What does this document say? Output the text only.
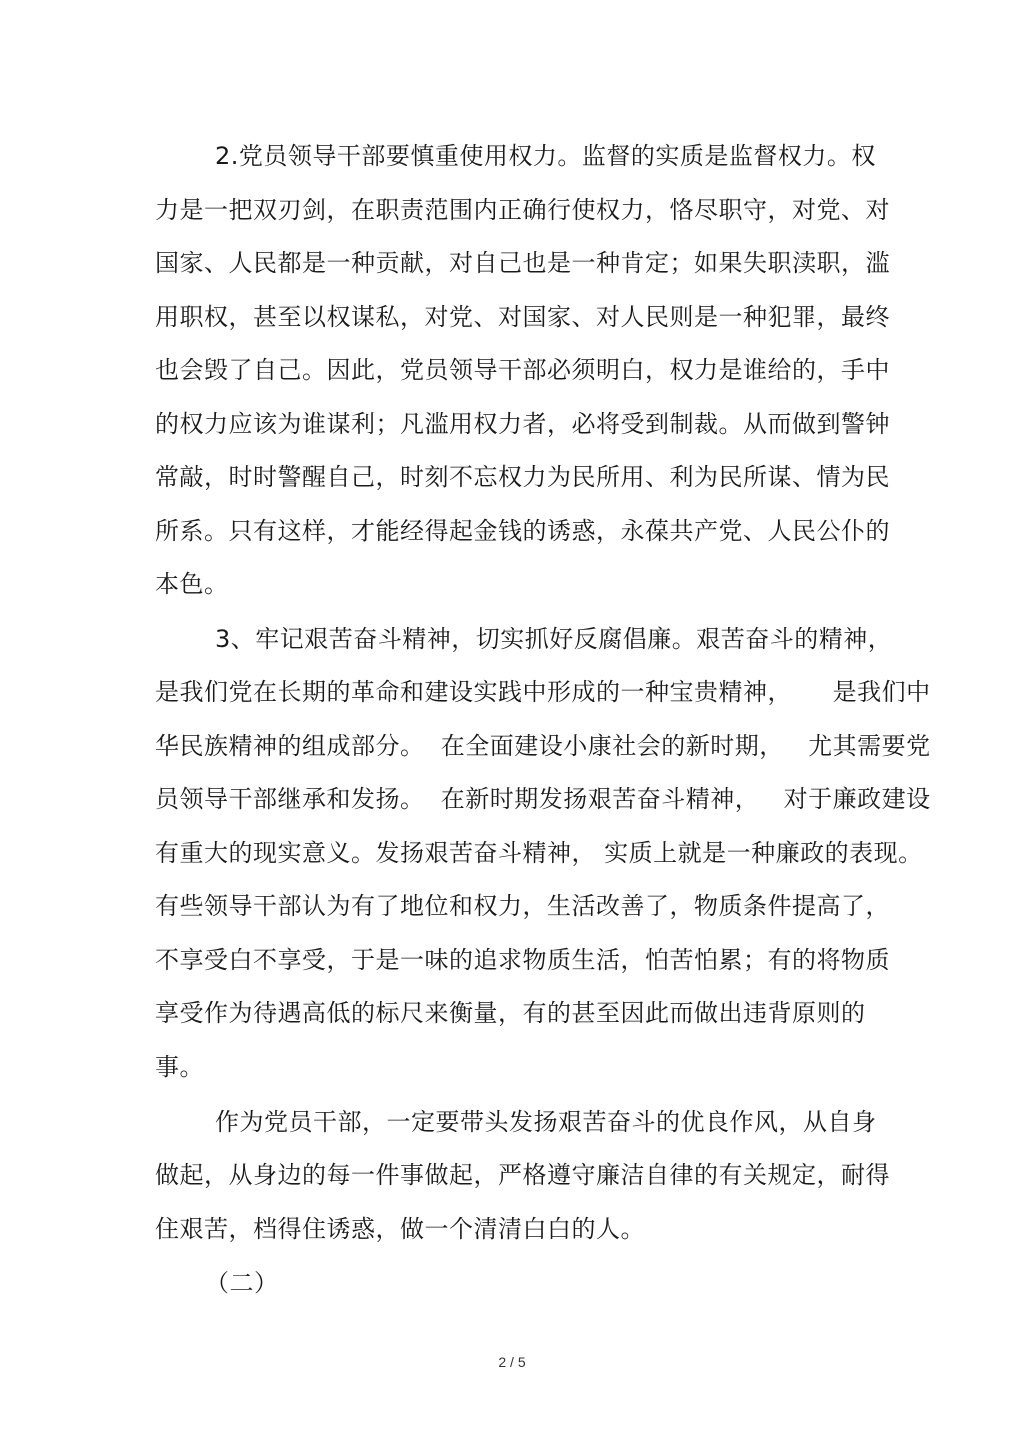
2.党员领导干部要慎重使用权力。监督的实质是监督权力。权
力是一把双刃剑，在职责范围内正确行使权力，恪尽职守，对党、对
国家、人民都是一种贡献，对自己也是一种肯定；如果失职渎职，滥
用职权，甚至以权谋私，对党、对国家、对人民则是一种犯罪，最终
也会毁了自己。因此，党员领导干部必须明白，权力是谁给的，手中
的权力应该为谁谋利；凡滥用权力者，必将受到制裁。从而做到警钟
常敲，时时警醒自己，时刻不忘权力为民所用、利为民所谋、情为民
所系。只有这样，才能经得起金钱的诱惑，永葆共产党、人民公仆的
本色。
3、牢记艰苦奋斗精神，切实抓好反腐倡廉。艰苦奋斗的精神，
是我们党在长期的革命和建设实践中形成的一种宝贵精神，     是我们中
华民族精神的组成部分。  在全面建设小康社会的新时期，   尤其需要党
员领导干部继承和发扬。  在新时期发扬艰苦奋斗精神，   对于廉政建设
有重大的现实意义。发扬艰苦奋斗精神， 实质上就是一种廉政的表现。
有些领导干部认为有了地位和权力，生活改善了，物质条件提高了，
不享受白不享受，于是一味的追求物质生活，怕苦怕累；有的将物质
享受作为待遇高低的标尺来衡量，有的甚至因此而做出违背原则的
事。
作为党员干部，一定要带头发扬艰苦奋斗的优良作风，从自身
做起，从身边的每一件事做起，严格遵守廉洁自律的有关规定，耐得
住艰苦，档得住诱惑，做一个清清白白的人。
（二）
2 / 5
